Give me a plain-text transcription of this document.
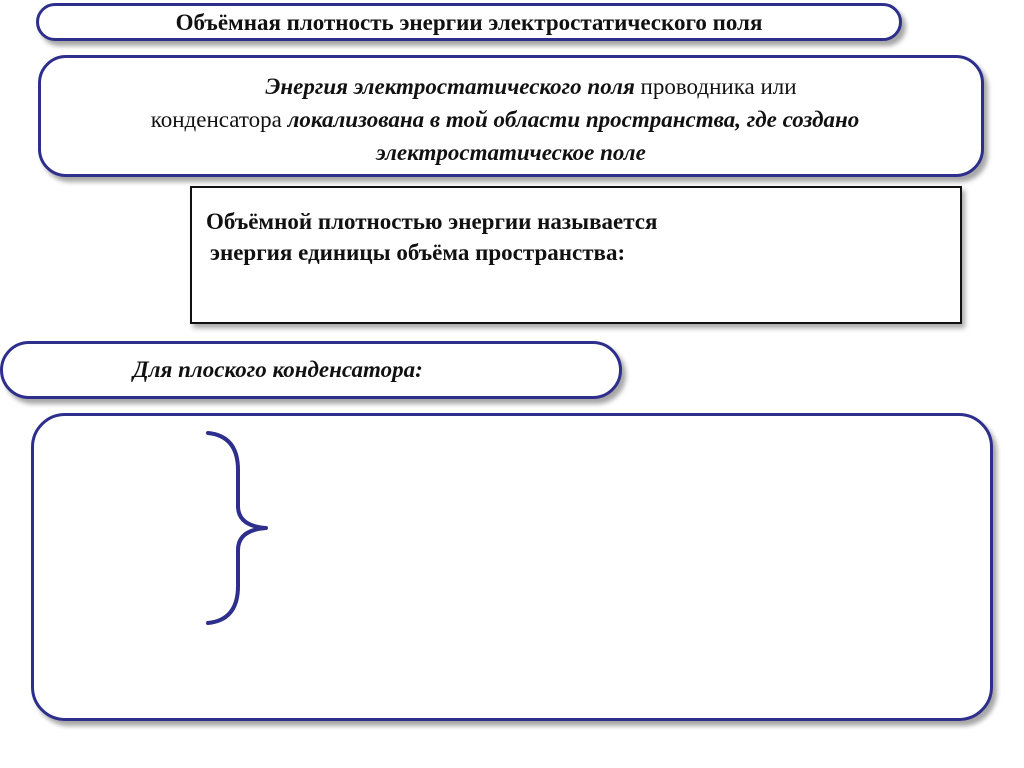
Объёмная плотность энергии электростатического поля
Энергия электростатического поля проводника или
конденсатора локализована в той области пространства, где создано
электростатическое поле
Объёмной плотностью энергии называется
энергия единицы объёма пространства:
Для плоского конденсатора:
